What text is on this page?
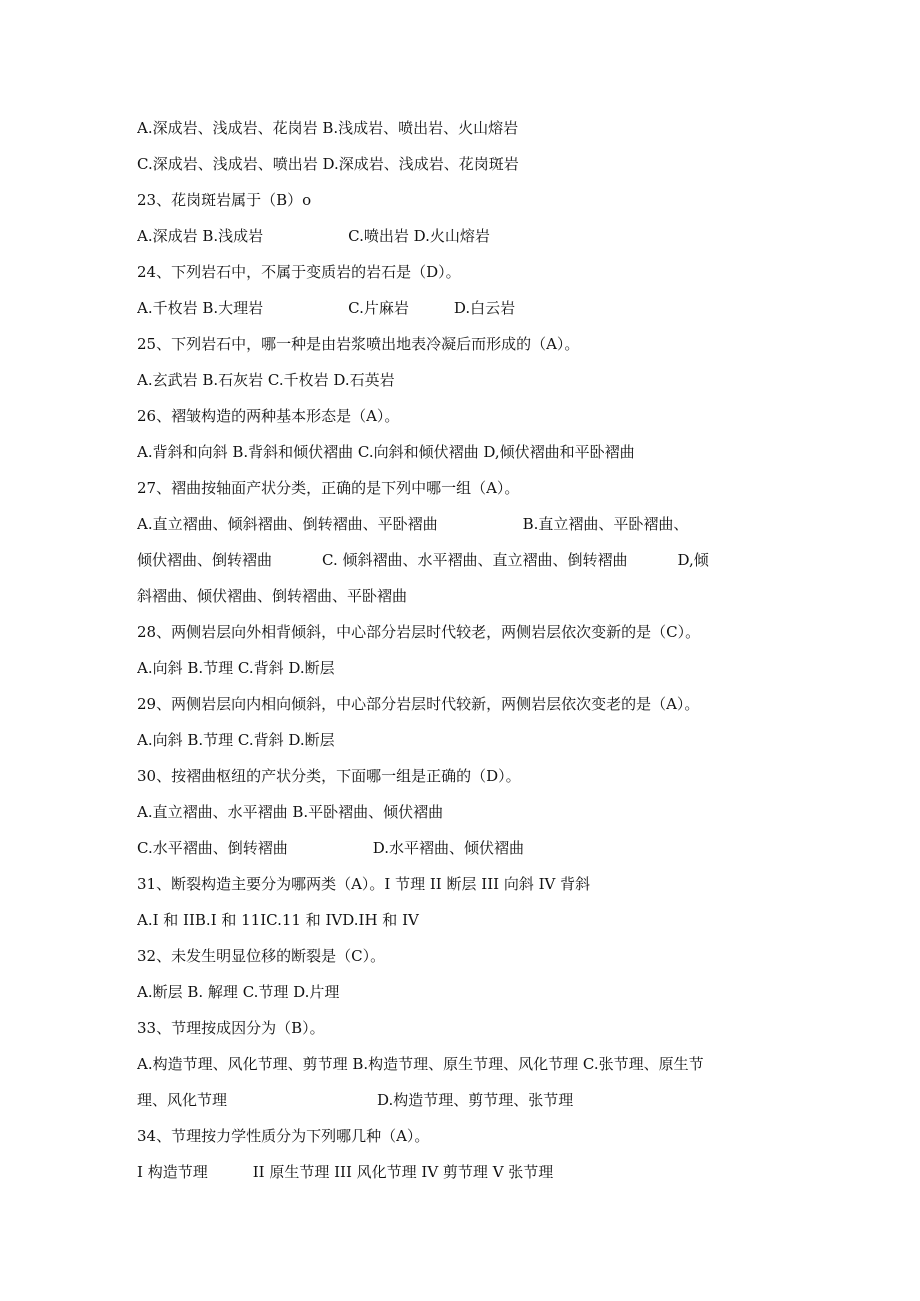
A.深成岩、浅成岩、花岗岩 B.浅成岩、喷出岩、火山熔岩
C.深成岩、浅成岩、喷出岩 D.深成岩、浅成岩、花岗斑岩
23、花岗斑岩属于（B）o
A.深成岩 B.浅成岩	C.喷出岩 D.火山熔岩
24、下列岩石中，不属于变质岩的岩石是（D）。
A.千枚岩 B.大理岩	C.片麻岩	D.白云岩
25、下列岩石中，哪一种是由岩浆喷出地表冷凝后而形成的（A）。
A.玄武岩 B.石灰岩 C.千枚岩 D.石英岩
26、褶皱构造的两种基本形态是（A）。
A.背斜和向斜 B.背斜和倾伏褶曲 C.向斜和倾伏褶曲 D,倾伏褶曲和平卧褶曲
27、褶曲按轴面产状分类，正确的是下列中哪一组（A）。
A.直立褶曲、倾斜褶曲、倒转褶曲、平卧褶曲	B.直立褶曲、平卧褶曲、
倾伏褶曲、倒转褶曲	C. 倾斜褶曲、水平褶曲、直立褶曲、倒转褶曲	D,倾
斜褶曲、倾伏褶曲、倒转褶曲、平卧褶曲
28、两侧岩层向外相背倾斜，中心部分岩层时代较老，两侧岩层依次变新的是（C）。
A.向斜 B.节理 C.背斜 D.断层
29、两侧岩层向内相向倾斜，中心部分岩层时代较新，两侧岩层依次变老的是（A）。
A.向斜 B.节理 C.背斜 D.断层
30、按褶曲枢纽的产状分类，下面哪一组是正确的（D）。
A.直立褶曲、水平褶曲 B.平卧褶曲、倾伏褶曲
C.水平褶曲、倒转褶曲	D.水平褶曲、倾伏褶曲
31、断裂构造主要分为哪两类（A）。I 节理 II 断层 III 向斜 IV 背斜
A.I 和 IIB.I 和 11IC.11 和 IVD.IH 和 IV
32、未发生明显位移的断裂是（C）。
A.断层 B. 解理 C.节理 D.片理
33、节理按成因分为（B）。
A.构造节理、风化节理、剪节理 B.构造节理、原生节理、风化节理 C.张节理、原生节
理、风化节理	D.构造节理、剪节理、张节理
34、节理按力学性质分为下列哪几种（A）。
I 构造节理	II 原生节理 III 风化节理 IV 剪节理 V 张节理
